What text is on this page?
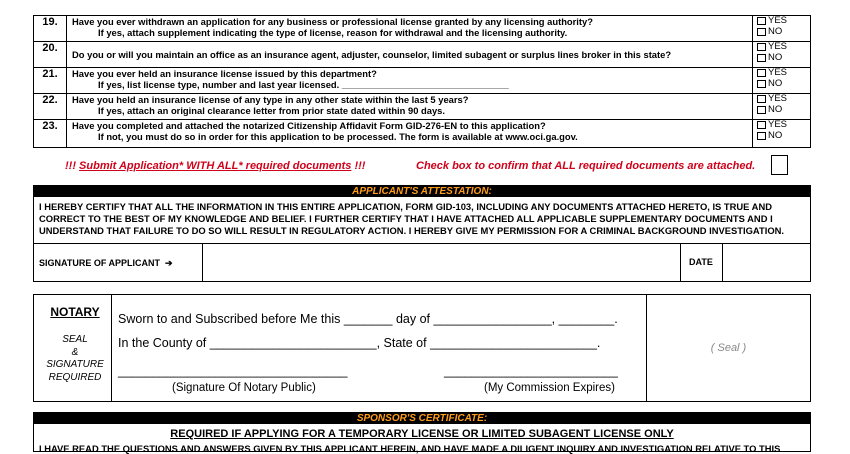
19.	Have you ever withdrawn an application for any business or professional license granted by any licensing authority?
If yes, attach supplement indicating the type of license, reason for withdrawal and the licensing authority.
YES
NO
20.
Do you or will you maintain an office as an insurance agent, adjuster, counselor, limited subagent or surplus lines broker in this state?
YES
NO
21.	Have you ever held an insurance license issued by this department?
If yes, list license type, number and last year licensed. ________________________________
YES
NO
22.	Have you held an insurance license of any type in any other state within the last 5 years?
If yes, attach an original clearance letter from prior state dated within 90 days.
YES
NO
23.	Have you completed and attached the notarized Citizenship Affidavit Form GID-276-EN to this application?
If not, you must do so in order for this application to be processed. The form is available at www.oci.ga.gov.
YES
NO
!!! Submit Application* WITH ALL* required documents !!!	Check box to confirm that ALL required documents are attached.
APPLICANT'S ATTESTATION:
I HEREBY CERTIFY THAT ALL THE INFORMATION IN THIS ENTIRE APPLICATION, FORM GID-103, INCLUDING ANY DOCUMENTS ATTACHED HERETO, IS TRUE AND CORRECT TO THE BEST OF MY KNOWLEDGE AND BELIEF. I FURTHER CERTIFY THAT I HAVE ATTACHED ALL APPLICABLE SUPPLEMENTARY DOCUMENTS AND I UNDERSTAND THAT FAILURE TO DO SO WILL RESULT IN REGULATORY ACTION. I HEREBY GIVE MY PERMISSION FOR A CRIMINAL BACKGROUND INVESTIGATION.
SIGNATURE OF APPLICANT ➔	DATE
NOTARY
SEAL
&
SIGNATURE
REQUIRED
Sworn to and Subscribed before Me this _______ day of _________________, ________.
In the County of ________________________, State of ________________________.
_________________________________
(Signature Of Notary Public)
_________________________
(My Commission Expires)
( Seal )
SPONSOR'S CERTIFICATE:
REQUIRED IF APPLYING FOR A TEMPORARY LICENSE OR LIMITED SUBAGENT LICENSE ONLY
I HAVE READ THE QUESTIONS AND ANSWERS GIVEN BY THIS APPLICANT HEREIN, AND HAVE MADE A DILIGENT INQUIRY AND INVESTIGATION RELATIVE TO THIS
